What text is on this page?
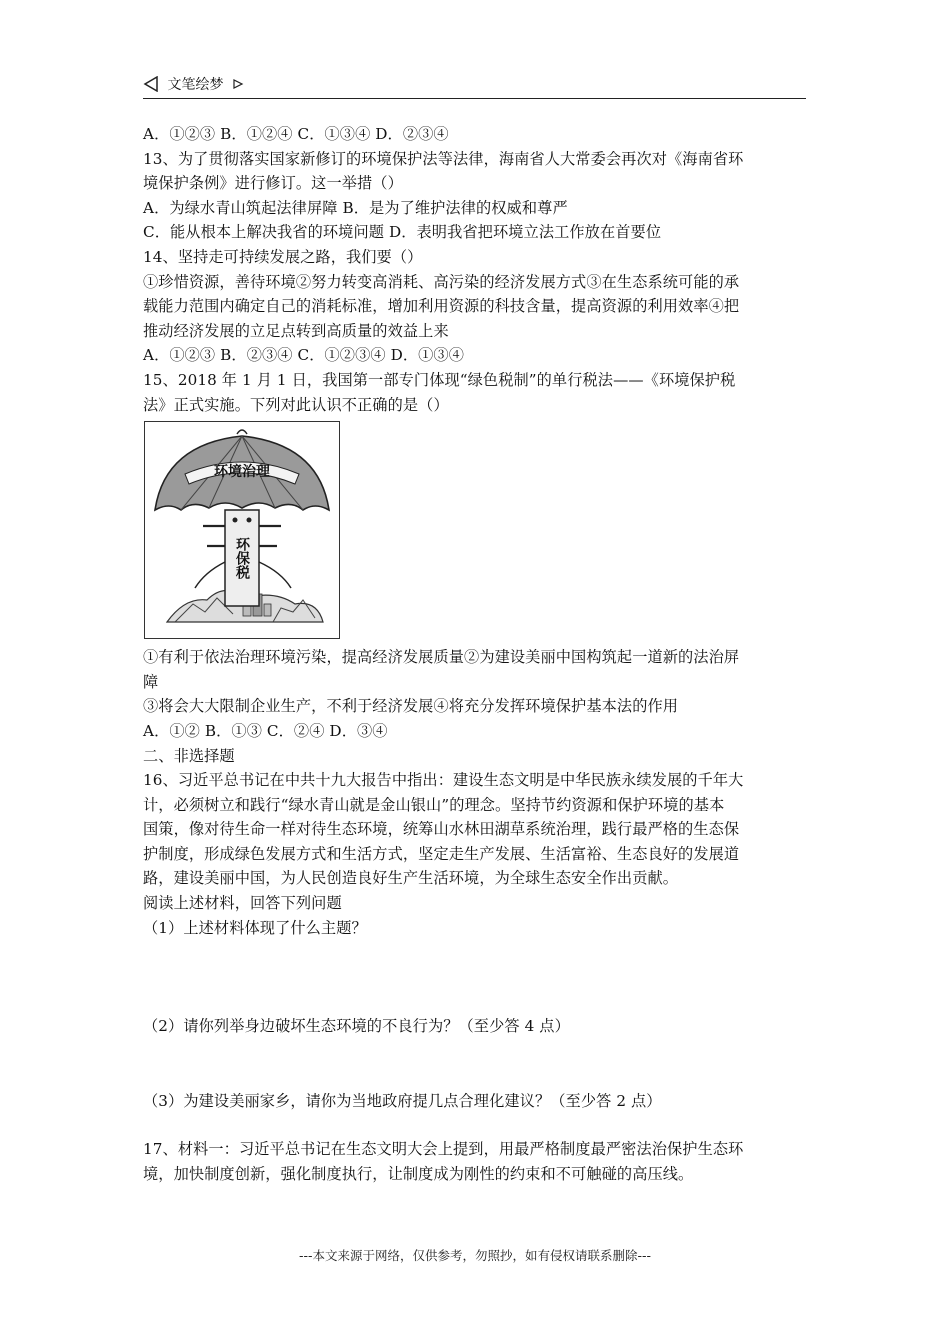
文笔绘梦
A．①②③ B．①②④ C．①③④ D．②③④
13、为了贯彻落实国家新修订的环境保护法等法律，海南省人大常委会再次对《海南省环
境保护条例》进行修订。这一举措（）
A．为绿水青山筑起法律屏障 B．是为了维护法律的权威和尊严
C．能从根本上解决我省的环境问题 D．表明我省把环境立法工作放在首要位
14、坚持走可持续发展之路，我们要（）
①珍惜资源，善待环境②努力转变高消耗、高污染的经济发展方式③在生态系统可能的承
载能力范围内确定自己的消耗标准，增加利用资源的科技含量，提高资源的利用效率④把
推动经济发展的立足点转到高质量的效益上来
A．①②③ B．②③④ C．①②③④ D．①③④
15、2018 年 1 月 1 日，我国第一部专门体现“绿色税制”的单行税法——《环境保护税
法》正式实施。下列对此认识不正确的是（）
环境治理
环保税
①有利于依法治理环境污染，提高经济发展质量②为建设美丽中国构筑起一道新的法治屏
障
③将会大大限制企业生产，不利于经济发展④将充分发挥环境保护基本法的作用
A．①② B．①③ C．②④ D．③④
二、非选择题
16、习近平总书记在中共十九大报告中指出：建设生态文明是中华民族永续发展的千年大
计，必须树立和践行“绿水青山就是金山银山”的理念。坚持节约资源和保护环境的基本
国策，像对待生命一样对待生态环境，统筹山水林田湖草系统治理，践行最严格的生态保
护制度，形成绿色发展方式和生活方式，坚定走生产发展、生活富裕、生态良好的发展道
路，建设美丽中国，为人民创造良好生产生活环境，为全球生态安全作出贡献。
阅读上述材料，回答下列问题
（1）上述材料体现了什么主题？
（2）请你列举身边破坏生态环境的不良行为？（至少答 4 点）
（3）为建设美丽家乡，请你为当地政府提几点合理化建议？（至少答 2 点）
17、材料一：习近平总书记在生态文明大会上提到，用最严格制度最严密法治保护生态环
境，加快制度创新，强化制度执行，让制度成为刚性的约束和不可触碰的高压线。
---本文来源于网络，仅供参考，勿照抄，如有侵权请联系删除---
